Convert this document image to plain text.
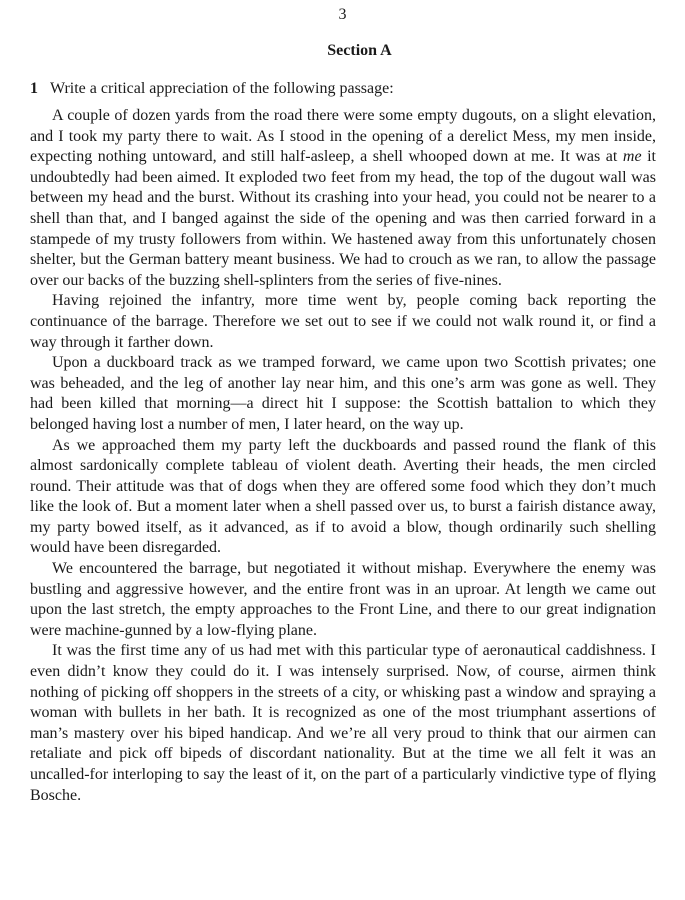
3
Section A
1 Write a critical appreciation of the following passage:

A couple of dozen yards from the road there were some empty dugouts, on a slight elevation, and I took my party there to wait. As I stood in the opening of a derelict Mess, my men inside, expecting nothing untoward, and still half-asleep, a shell whooped down at me. It was at me it undoubtedly had been aimed. It exploded two feet from my head, the top of the dugout wall was between my head and the burst. Without its crashing into your head, you could not be nearer to a shell than that, and I banged against the side of the opening and was then carried forward in a stampede of my trusty followers from within. We hastened away from this unfortunately chosen shelter, but the German battery meant business. We had to crouch as we ran, to allow the passage over our backs of the buzzing shell-splinters from the series of five-nines.

Having rejoined the infantry, more time went by, people coming back reporting the continuance of the barrage. Therefore we set out to see if we could not walk round it, or find a way through it farther down.

Upon a duckboard track as we tramped forward, we came upon two Scottish privates; one was beheaded, and the leg of another lay near him, and this one’s arm was gone as well. They had been killed that morning—a direct hit I suppose: the Scottish battalion to which they belonged having lost a number of men, I later heard, on the way up.

As we approached them my party left the duckboards and passed round the flank of this almost sardonically complete tableau of violent death. Averting their heads, the men circled round. Their attitude was that of dogs when they are offered some food which they don’t much like the look of. But a moment later when a shell passed over us, to burst a fairish distance away, my party bowed itself, as it advanced, as if to avoid a blow, though ordinarily such shelling would have been disregarded.

We encountered the barrage, but negotiated it without mishap. Everywhere the enemy was bustling and aggressive however, and the entire front was in an uproar. At length we came out upon the last stretch, the empty approaches to the Front Line, and there to our great indignation were machine-gunned by a low-flying plane.

It was the first time any of us had met with this particular type of aeronautical caddishness. I even didn’t know they could do it. I was intensely surprised. Now, of course, airmen think nothing of picking off shoppers in the streets of a city, or whisking past a window and spraying a woman with bullets in her bath. It is recognized as one of the most triumphant assertions of man’s mastery over his biped handicap. And we’re all very proud to think that our airmen can retaliate and pick off bipeds of discordant nationality. But at the time we all felt it was an uncalled-for interloping to say the least of it, on the part of a particularly vindictive type of flying Bosche.
